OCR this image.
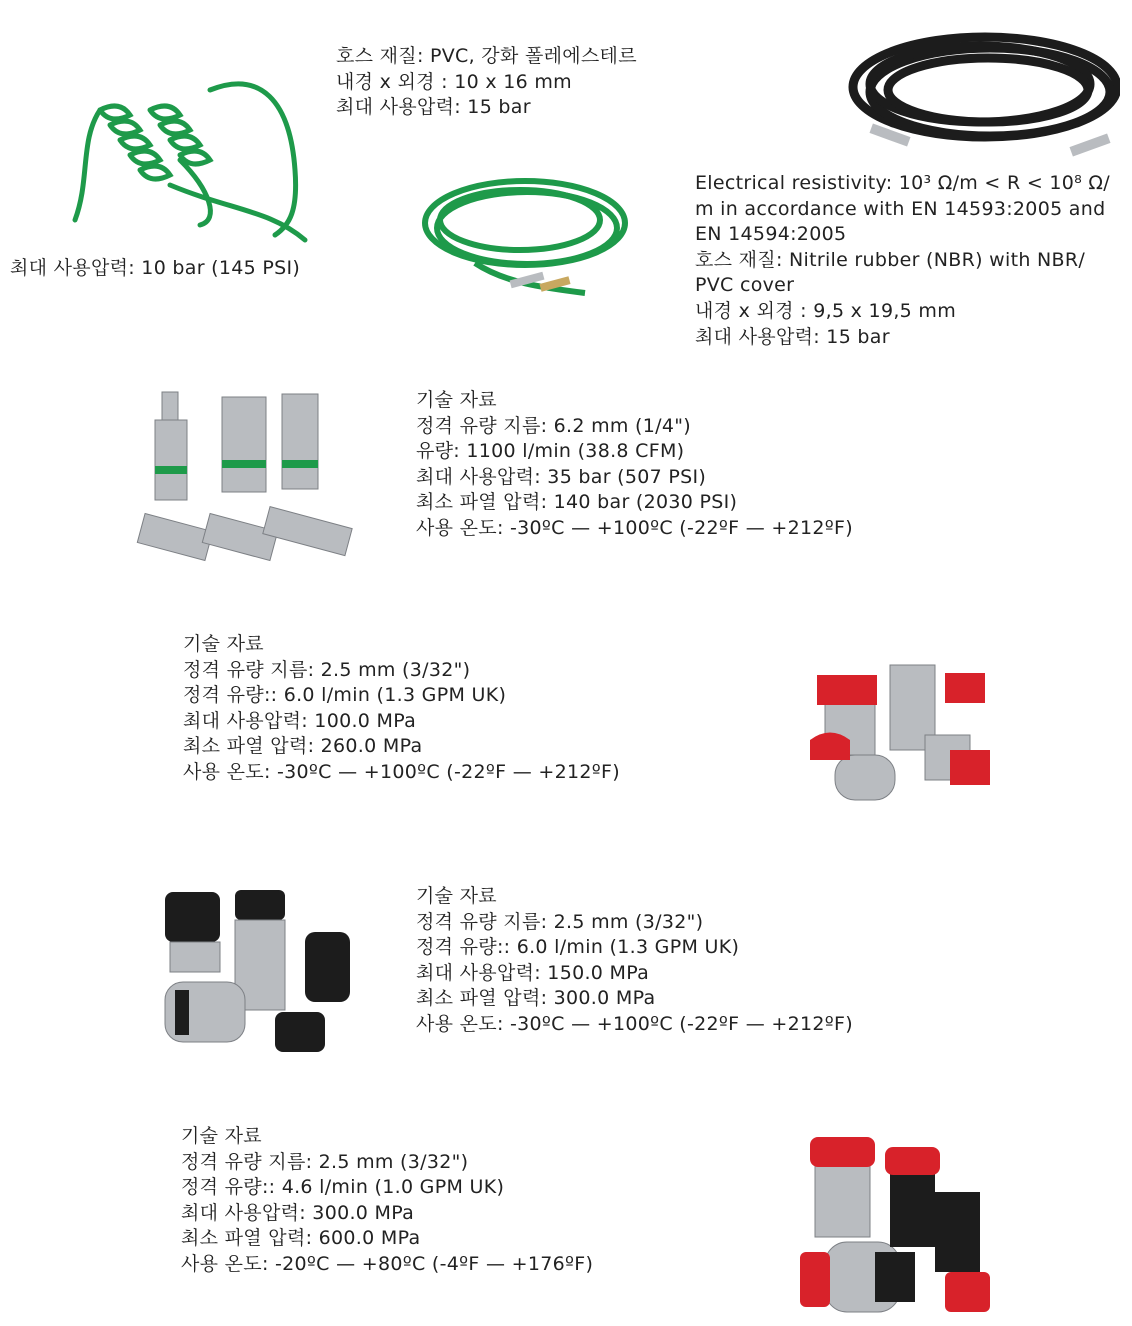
호스 재질: PVC, 강화 폴레에스테르
내경 x 외경 : 10 x 16 mm
최대 사용압력: 15 bar
최대 사용압력: 10 bar (145 PSI)
Electrical resistivity: 10³ Ω/m < R < 10⁸ Ω/
m in accordance with EN 14593:2005 and
EN 14594:2005
호스 재질: Nitrile rubber (NBR) with NBR/
PVC cover
내경 x 외경 : 9,5 x 19,5 mm
최대 사용압력: 15 bar
기술 자료
정격 유량 지름: 6.2 mm (1/4")
유량: 1100 l/min (38.8 CFM)
최대 사용압력: 35 bar (507 PSI)
최소 파열 압력: 140 bar (2030 PSI)
사용 온도: -30ºC — +100ºC (-22ºF — +212ºF)
기술 자료
정격 유량 지름: 2.5 mm (3/32")
정격 유량:: 6.0 l/min (1.3 GPM UK)
최대 사용압력: 100.0 MPa
최소 파열 압력: 260.0 MPa
사용 온도: -30ºC — +100ºC (-22ºF — +212ºF)
기술 자료
정격 유량 지름: 2.5 mm (3/32")
정격 유량:: 6.0 l/min (1.3 GPM UK)
최대 사용압력: 150.0 MPa
최소 파열 압력: 300.0 MPa
사용 온도: -30ºC — +100ºC (-22ºF — +212ºF)
기술 자료
정격 유량 지름: 2.5 mm (3/32")
정격 유량:: 4.6 l/min (1.0 GPM UK)
최대 사용압력: 300.0 MPa
최소 파열 압력: 600.0 MPa
사용 온도: -20ºC — +80ºC (-4ºF — +176ºF)
